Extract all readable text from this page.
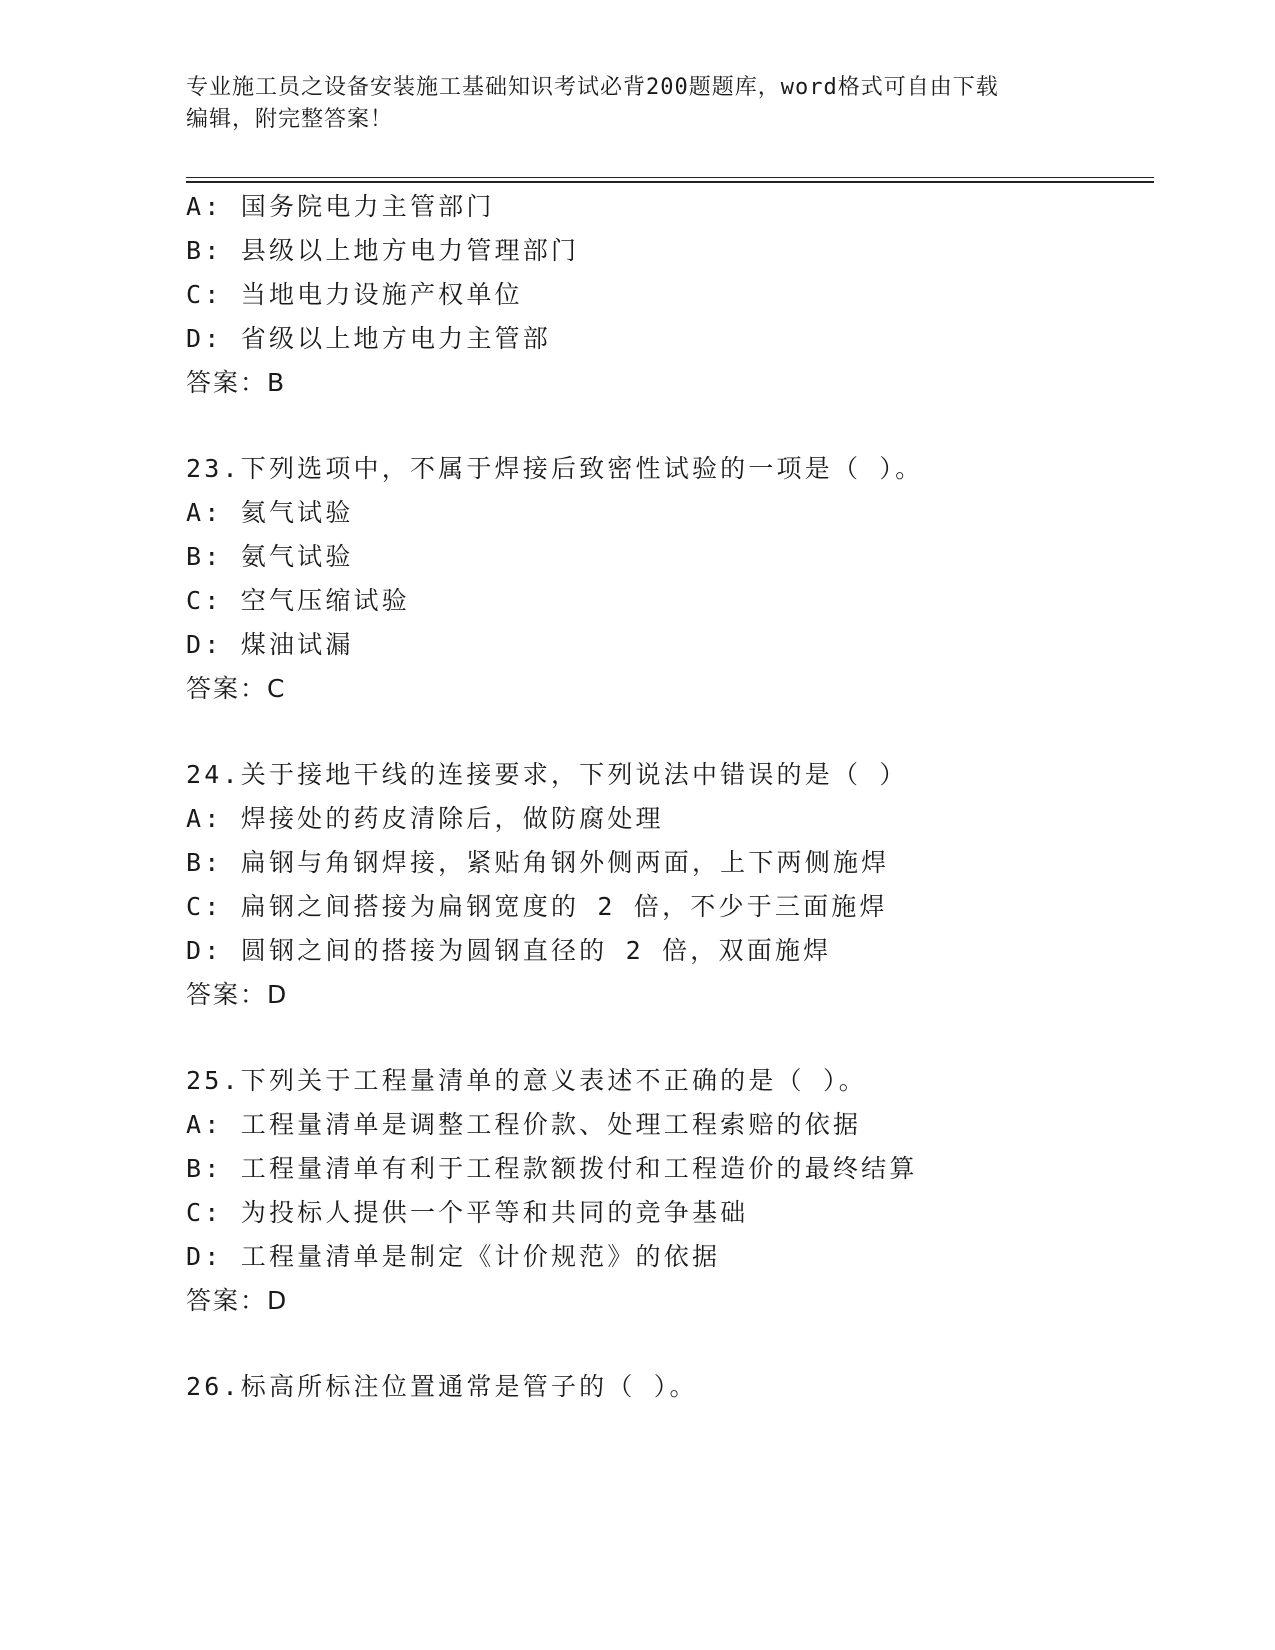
专业施工员之设备安装施工基础知识考试必背200题题库，word格式可自由下载
编辑，附完整答案！
A: 国务院电力主管部门
B: 县级以上地方电力管理部门
C: 当地电力设施产权单位
D: 省级以上地方电力主管部
答案：B
23.下列选项中，不属于焊接后致密性试验的一项是（ ）。
A: 氦气试验
B: 氨气试验
C: 空气压缩试验
D: 煤油试漏
答案：C
24.关于接地干线的连接要求，下列说法中错误的是（ ）
A: 焊接处的药皮清除后，做防腐处理
B: 扁钢与角钢焊接，紧贴角钢外侧两面，上下两侧施焊
C: 扁钢之间搭接为扁钢宽度的 2 倍，不少于三面施焊
D: 圆钢之间的搭接为圆钢直径的 2 倍，双面施焊
答案：D
25.下列关于工程量清单的意义表述不正确的是（ ）。
A: 工程量清单是调整工程价款、处理工程索赔的依据
B: 工程量清单有利于工程款额拨付和工程造价的最终结算
C: 为投标人提供一个平等和共同的竞争基础
D: 工程量清单是制定《计价规范》的依据
答案：D
26.标高所标注位置通常是管子的（ ）。
